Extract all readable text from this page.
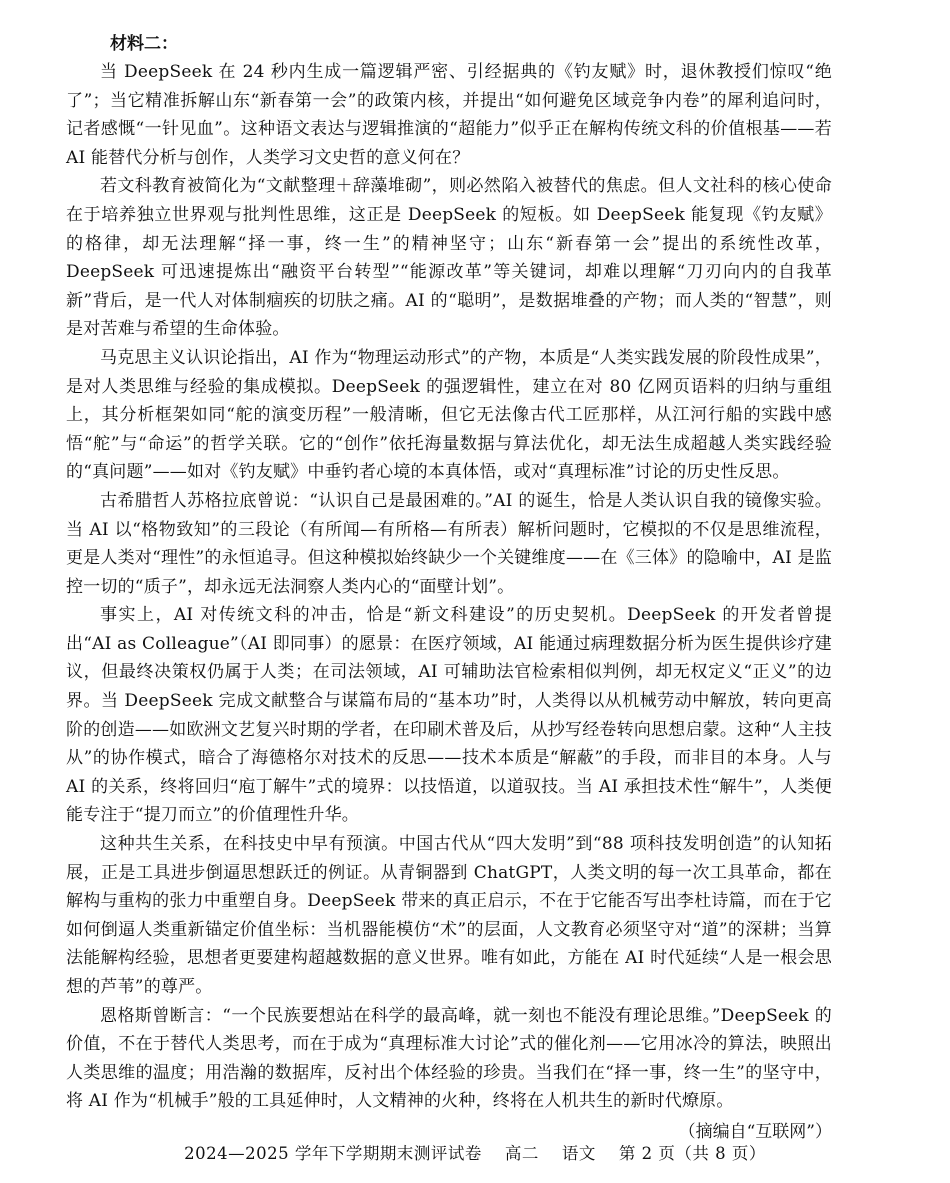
材料二：

当 DeepSeek 在 24 秒内生成一篇逻辑严密、引经据典的《钓友赋》时，退休教授们惊叹“绝了”；当它精准拆解山东“新春第一会”的政策内核，并提出“如何避免区域竞争内卷”的犀利追问时，记者感慨“一针见血”。这种语文表达与逻辑推演的“超能力”似乎正在解构传统文科的价值根基——若 AI 能替代分析与创作，人类学习文史哲的意义何在？

若文科教育被简化为“文献整理＋辞藻堆砌”，则必然陷入被替代的焦虑。但人文社科的核心使命在于培养独立世界观与批判性思维，这正是 DeepSeek 的短板。如 DeepSeek 能复现《钓友赋》的格律，却无法理解“择一事，终一生”的精神坚守；山东“新春第一会”提出的系统性改革，DeepSeek 可迅速提炼出“融资平台转型”“能源改革”等关键词，却难以理解“刀刃向内的自我革新”背后，是一代人对体制痼疾的切肤之痛。AI 的“聪明”，是数据堆叠的产物；而人类的“智慧”，则是对苦难与希望的生命体验。

马克思主义认识论指出，AI 作为“物理运动形式”的产物，本质是“人类实践发展的阶段性成果”，是对人类思维与经验的集成模拟。DeepSeek 的强逻辑性，建立在对 80 亿网页语料的归纳与重组上，其分析框架如同“舵的演变历程”一般清晰，但它无法像古代工匠那样，从江河行船的实践中感悟“舵”与“命运”的哲学关联。它的“创作”依托海量数据与算法优化，却无法生成超越人类实践经验的“真问题”——如对《钓友赋》中垂钓者心境的本真体悟，或对“真理标准”讨论的历史性反思。

古希腊哲人苏格拉底曾说：“认识自己是最困难的。”AI 的诞生，恰是人类认识自我的镜像实验。当 AI 以“格物致知”的三段论（有所闻—有所格—有所表）解析问题时，它模拟的不仅是思维流程，更是人类对“理性”的永恒追寻。但这种模拟始终缺少一个关键维度——在《三体》的隐喻中，AI 是监控一切的“质子”，却永远无法洞察人类内心的“面壁计划”。

事实上，AI 对传统文科的冲击，恰是“新文科建设”的历史契机。DeepSeek 的开发者曾提出“AI as Colleague”（AI 即同事）的愿景：在医疗领域，AI 能通过病理数据分析为医生提供诊疗建议，但最终决策权仍属于人类；在司法领域，AI 可辅助法官检索相似判例，却无权定义“正义”的边界。当 DeepSeek 完成文献整合与谋篇布局的“基本功”时，人类得以从机械劳动中解放，转向更高阶的创造——如欧洲文艺复兴时期的学者，在印刷术普及后，从抄写经卷转向思想启蒙。这种“人主技从”的协作模式，暗合了海德格尔对技术的反思——技术本质是“解蔽”的手段，而非目的本身。人与 AI 的关系，终将回归“庖丁解牛”式的境界：以技悟道，以道驭技。当 AI 承担技术性“解牛”，人类便能专注于“提刀而立”的价值理性升华。

这种共生关系，在科技史中早有预演。中国古代从“四大发明”到“88 项科技发明创造”的认知拓展，正是工具进步倒逼思想跃迁的例证。从青铜器到 ChatGPT，人类文明的每一次工具革命，都在解构与重构的张力中重塑自身。DeepSeek 带来的真正启示，不在于它能否写出李杜诗篇，而在于它如何倒逼人类重新锚定价值坐标：当机器能模仿“术”的层面，人文教育必须坚守对“道”的深耕；当算法能解构经验，思想者更要建构超越数据的意义世界。唯有如此，方能在 AI 时代延续“人是一根会思想的芦苇”的尊严。

恩格斯曾断言：“一个民族要想站在科学的最高峰，就一刻也不能没有理论思维。”DeepSeek 的价值，不在于替代人类思考，而在于成为“真理标准大讨论”式的催化剂——它用冰冷的算法，映照出人类思维的温度；用浩瀚的数据库，反衬出个体经验的珍贵。当我们在“择一事，终一生”的坚守中，将 AI 作为“机械手”般的工具延伸时，人文精神的火种，终将在人机共生的新时代燎原。

（摘编自“互联网”）
2024—2025 学年下学期期末测评试卷 高二 语文 第 2 页（共 8 页）
